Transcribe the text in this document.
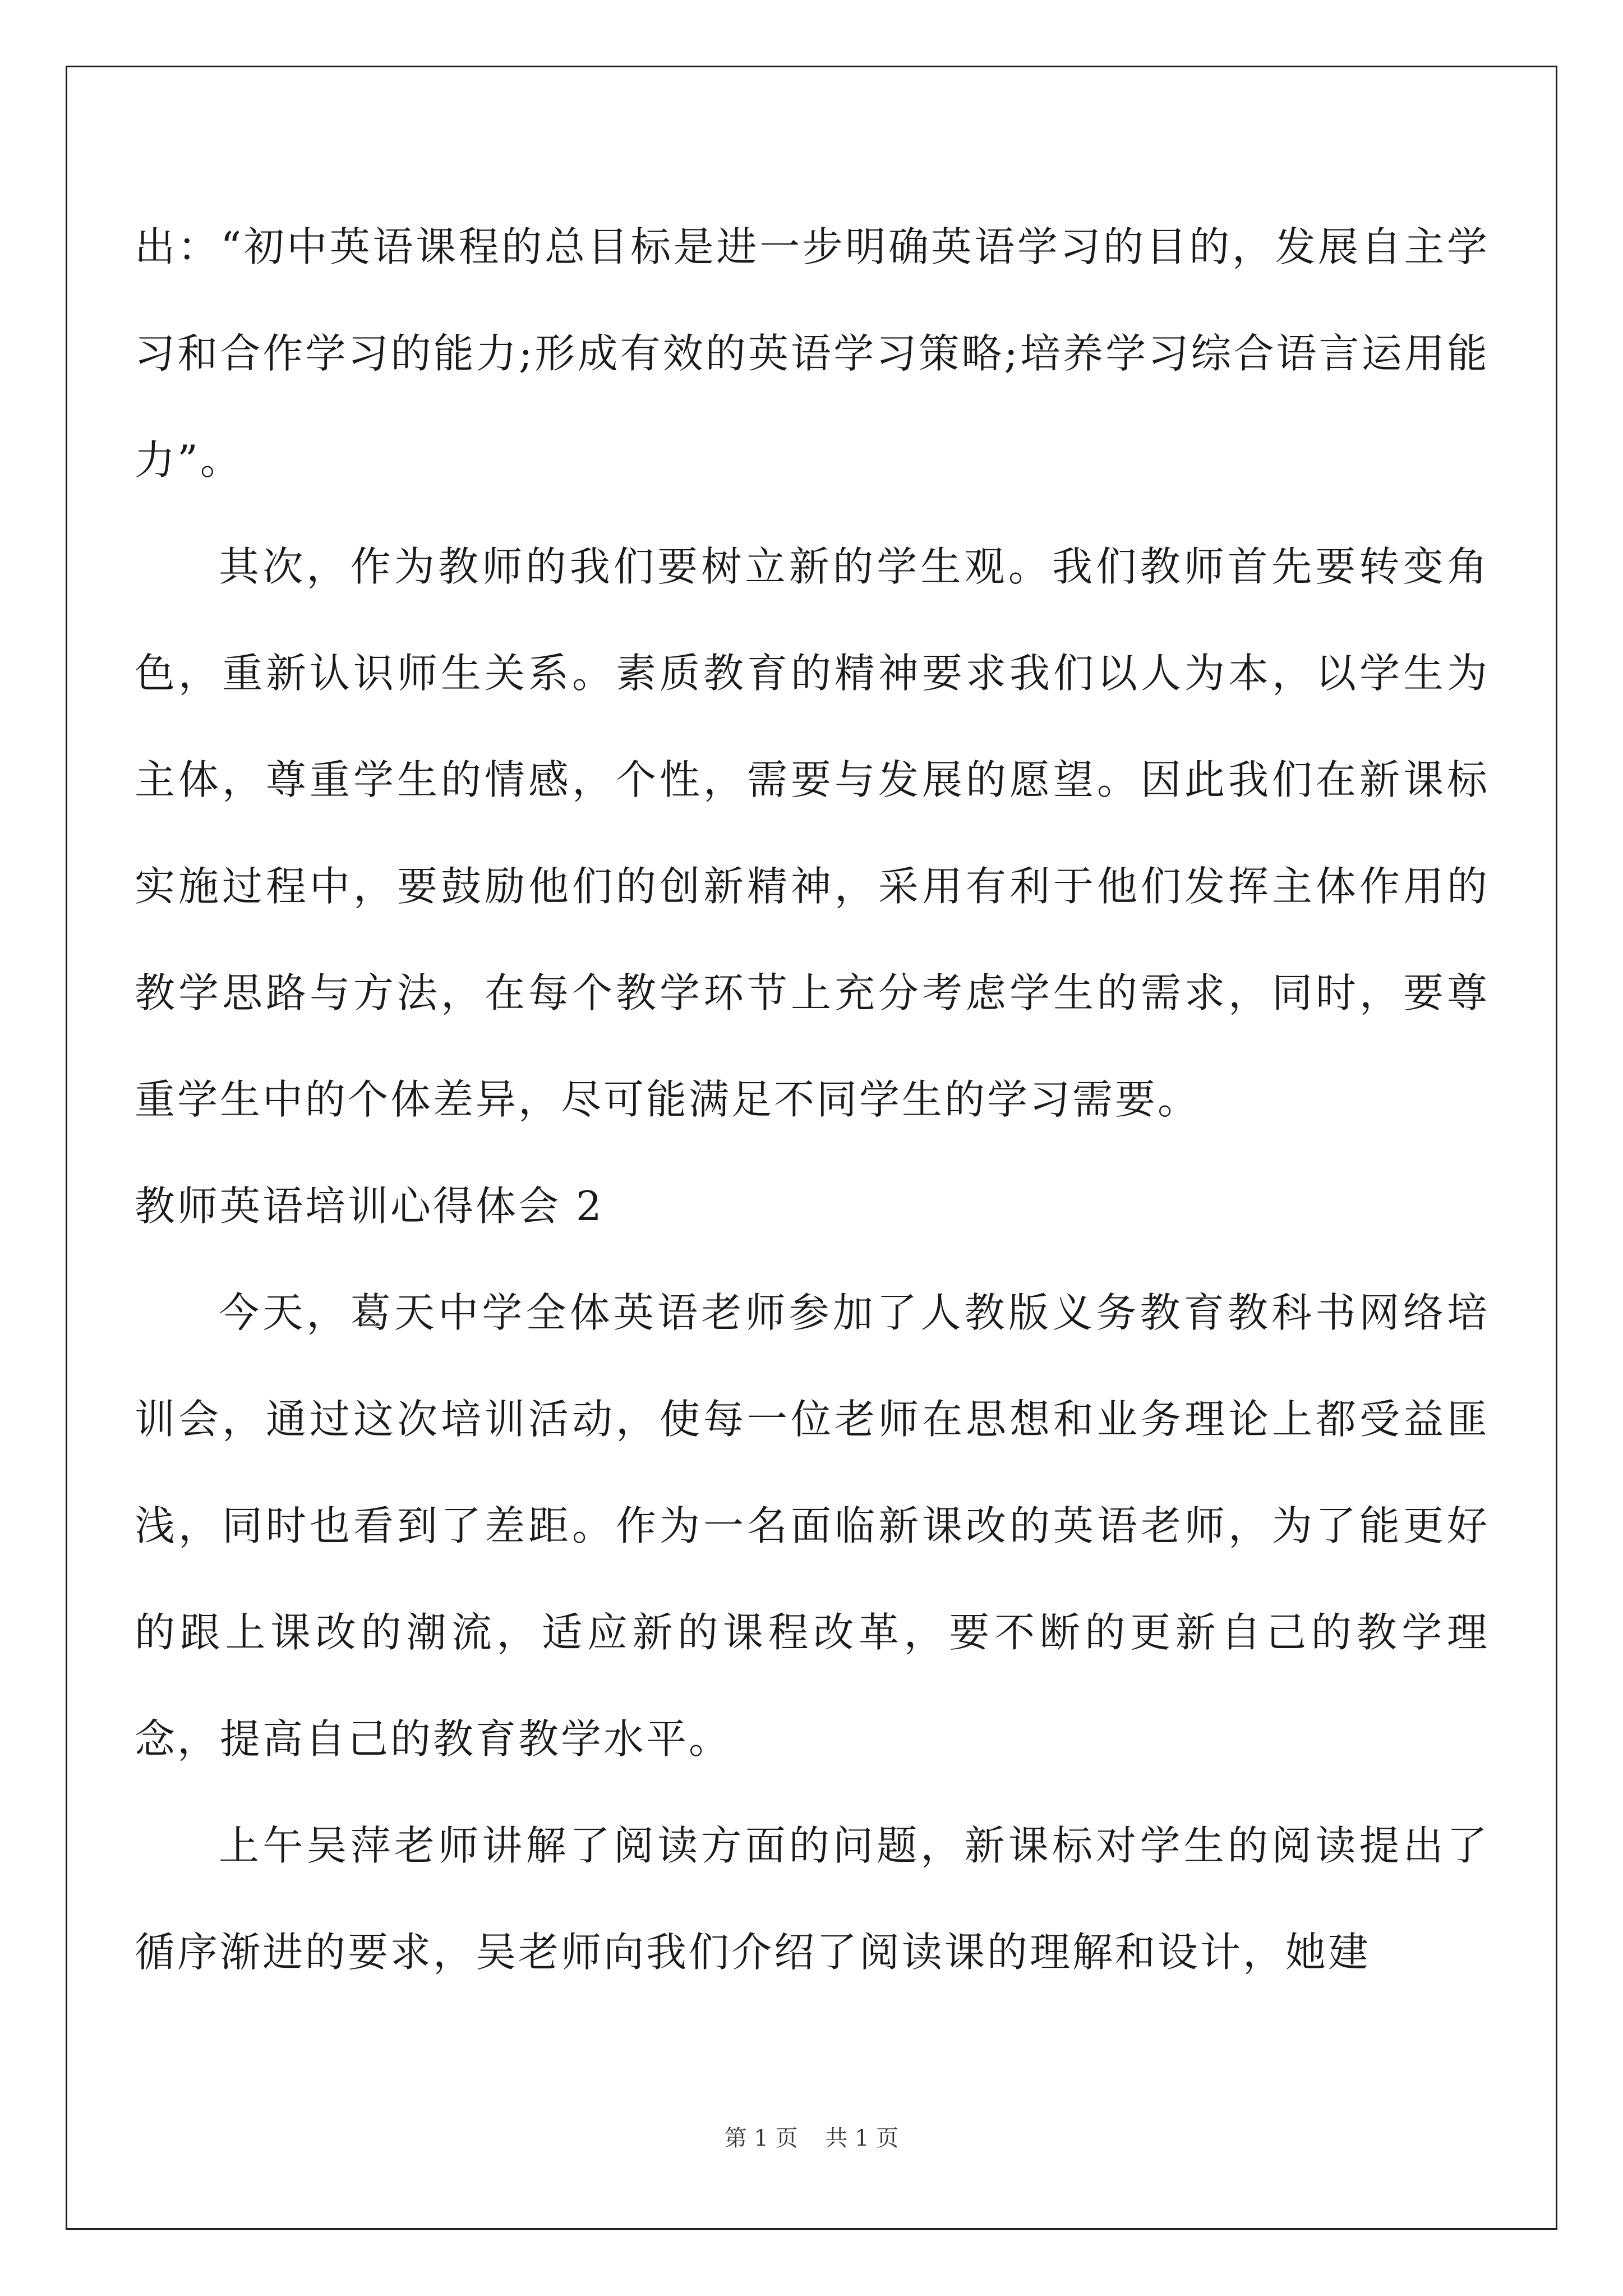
出：“初中英语课程的总目标是进一步明确英语学习的目的，发展自主学习和合作学习的能力;形成有效的英语学习策略;培养学习综合语言运用能力”。

其次，作为教师的我们要树立新的学生观。我们教师首先要转变角色，重新认识师生关系。素质教育的精神要求我们以人为本，以学生为主体，尊重学生的情感，个性，需要与发展的愿望。因此我们在新课标实施过程中，要鼓励他们的创新精神，采用有利于他们发挥主体作用的教学思路与方法，在每个教学环节上充分考虑学生的需求，同时，要尊重学生中的个体差异，尽可能满足不同学生的学习需要。

教师英语培训心得体会 2

今天，葛天中学全体英语老师参加了人教版义务教育教科书网络培训会，通过这次培训活动，使每一位老师在思想和业务理论上都受益匪浅，同时也看到了差距。作为一名面临新课改的英语老师，为了能更好的跟上课改的潮流，适应新的课程改革，要不断的更新自己的教学理念，提高自己的教育教学水平。

上午吴萍老师讲解了阅读方面的问题，新课标对学生的阅读提出了循序渐进的要求，吴老师向我们介绍了阅读课的理解和设计，她建

第 1 页 共 1 页
